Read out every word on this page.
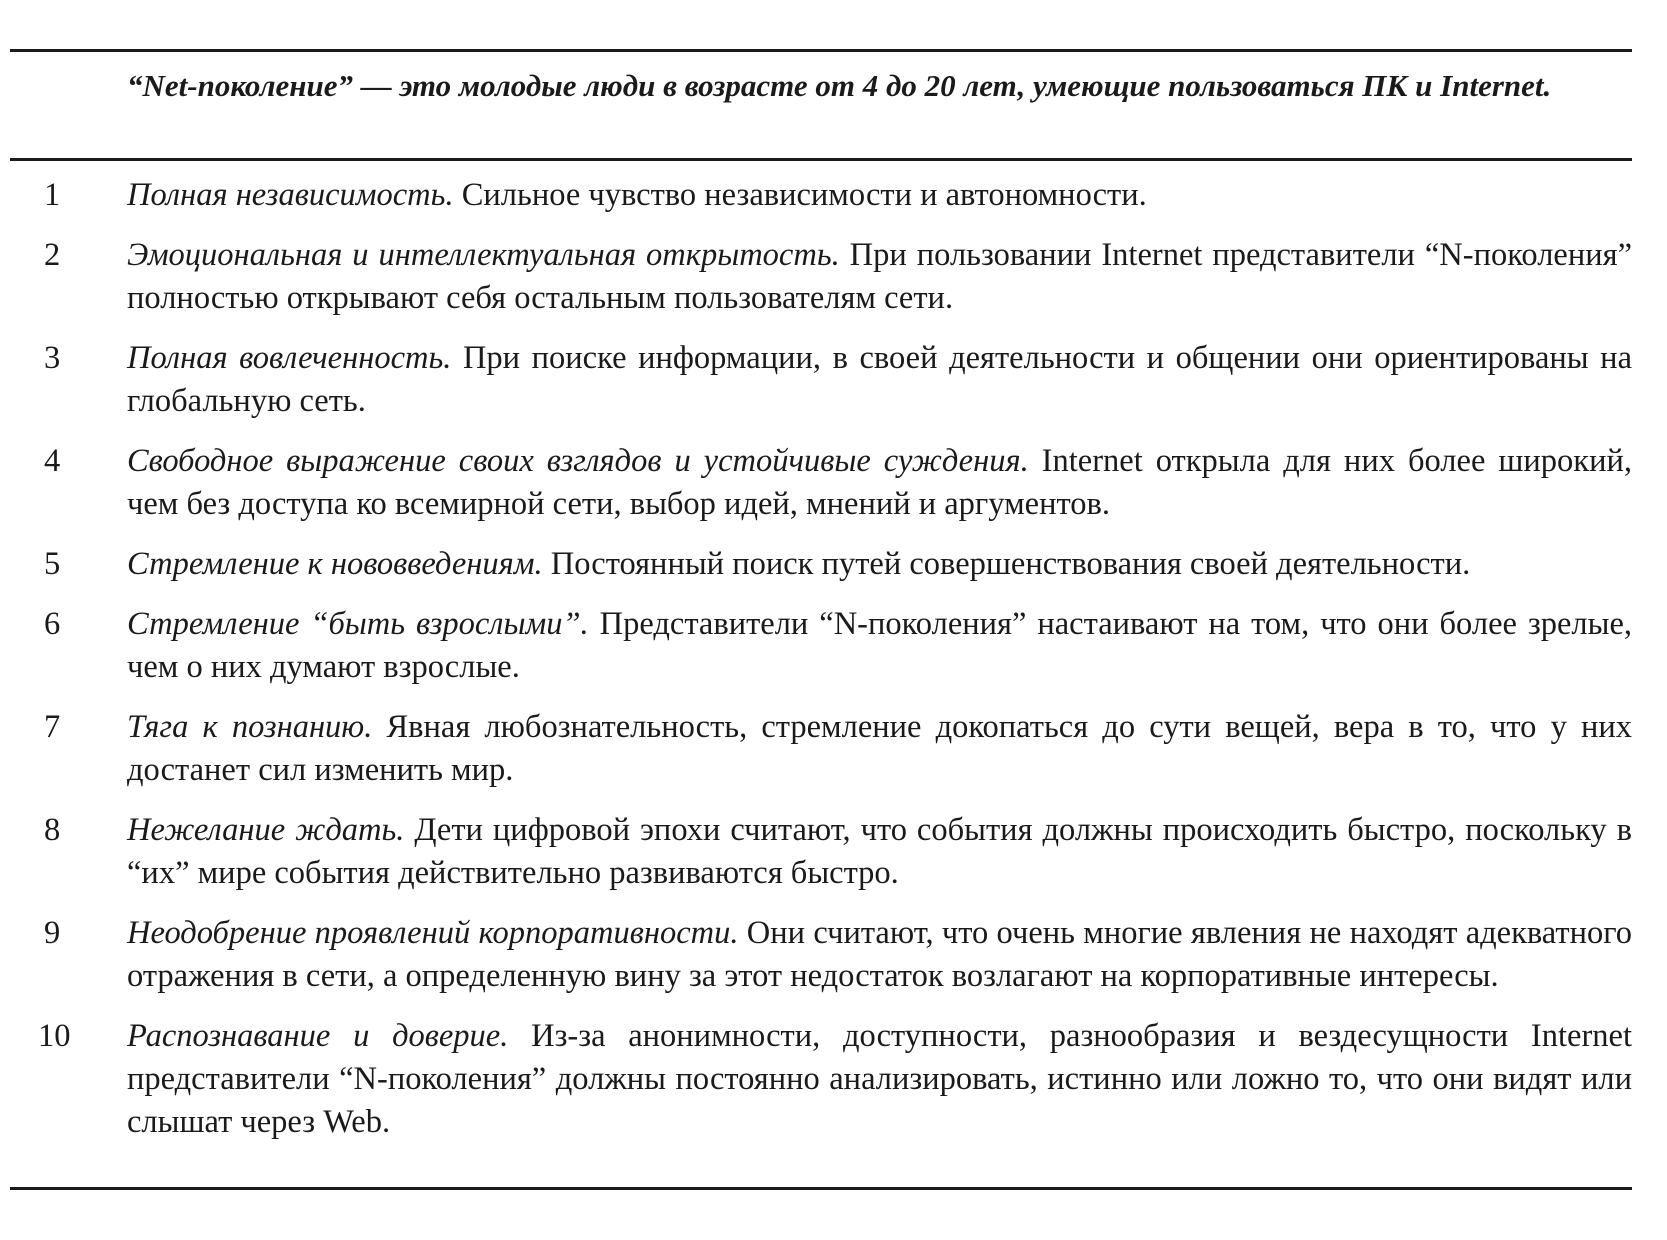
“Net-поколение” — это молодые люди в возрасте от 4 до 20 лет, умеющие пользоваться ПК и Internet.
1	Полная независимость. Сильное чувство независимости и автономности.
2	Эмоциональная и интеллектуальная открытость. При пользовании Internet представители “N-поколения” полностью открывают себя остальным пользователям сети.
3	Полная вовлеченность. При поиске информации, в своей деятельности и общении они ориентированы на глобальную сеть.
4	Свободное выражение своих взглядов и устойчивые суждения. Internet открыла для них более широкий, чем без доступа ко всемирной сети, выбор идей, мнений и аргументов.
5	Стремление к нововведениям. Постоянный поиск путей совершенствования своей деятельности.
6	Стремление “быть взрослыми”. Представители “N-поколения” настаивают на том, что они более зрелые, чем о них думают взрослые.
7	Тяга к познанию. Явная любознательность, стремление докопаться до сути вещей, вера в то, что у них достанет сил изменить мир.
8	Нежелание ждать. Дети цифровой эпохи считают, что события должны происходить быстро, поскольку в “их” мире события действительно развиваются быстро.
9	Неодобрение проявлений корпоративности. Они считают, что очень многие явления не находят адекватного отражения в сети, а определенную вину за этот недостаток возлагают на корпоративные интересы.
10	Распознавание и доверие. Из-за анонимности, доступности, разнообразия и вездесущности Internet представители “N-поколения” должны постоянно анализировать, истинно или ложно то, что они видят или слышат через Web.
